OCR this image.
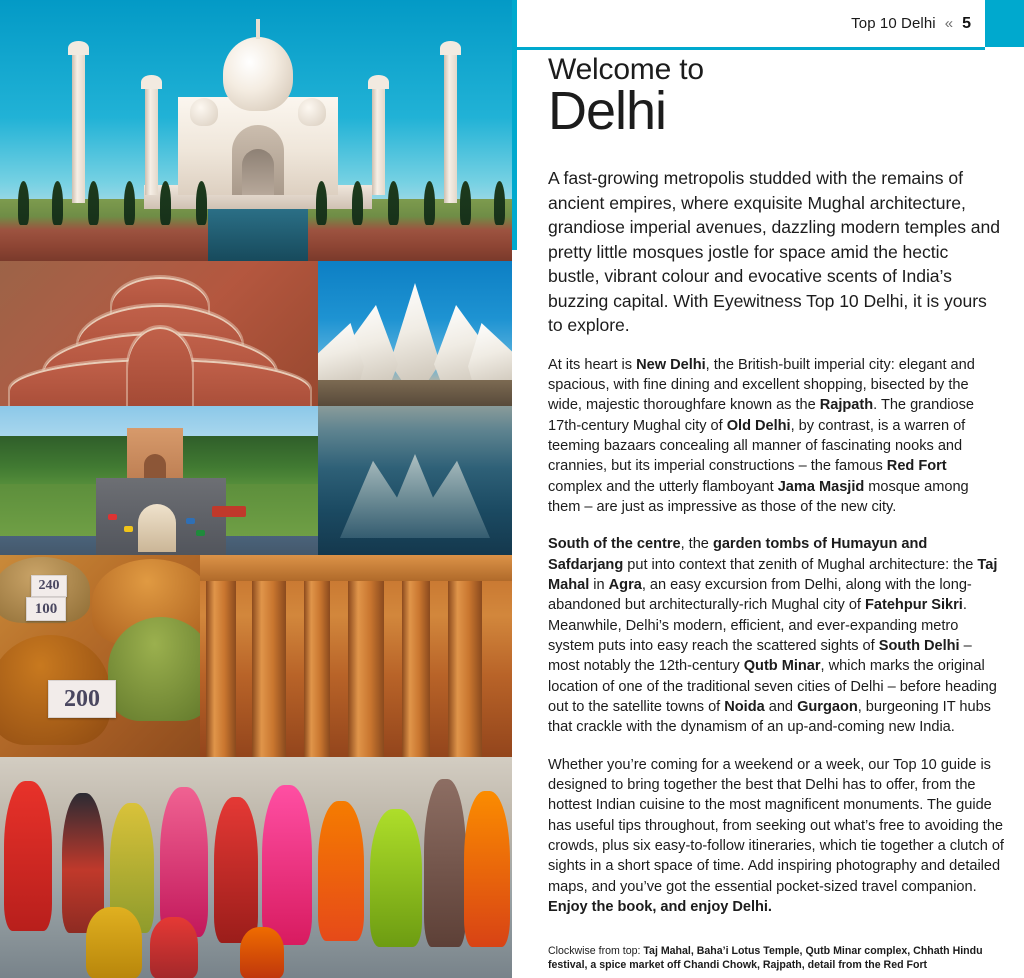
240
100
200
Top 10 Delhi « 5
Welcome to
Delhi

A fast-growing metropolis studded with the remains of ancient empires, where exquisite Mughal architecture, grandiose imperial avenues, dazzling modern temples and pretty little mosques jostle for space amid the hectic bustle, vibrant colour and evocative scents of India’s buzzing capital. With Eyewitness Top 10 Delhi, it is yours to explore.

At its heart is New Delhi, the British-built imperial city: elegant and spacious, with fine dining and excellent shopping, bisected by the wide, majestic thoroughfare known as the Rajpath. The grandiose 17th-century Mughal city of Old Delhi, by contrast, is a warren of teeming bazaars concealing all manner of fascinating nooks and crannies, but its imperial constructions – the famous Red Fort complex and the utterly flamboyant Jama Masjid mosque among them – are just as impressive as those of the new city.

South of the centre, the garden tombs of Humayun and Safdarjang put into context that zenith of Mughal architecture: the Taj Mahal in Agra, an easy excursion from Delhi, along with the long-abandoned but architecturally-rich Mughal city of Fatehpur Sikri. Meanwhile, Delhi’s modern, efficient, and ever-expanding metro system puts into easy reach the scattered sights of South Delhi – most notably the 12th-century Qutb Minar, which marks the original location of one of the traditional seven cities of Delhi – before heading out to the satellite towns of Noida and Gurgaon, burgeoning IT hubs that crackle with the dynamism of an up-and-coming new India.

Whether you’re coming for a weekend or a week, our Top 10 guide is designed to bring together the best that Delhi has to offer, from the hottest Indian cuisine to the most magnificent monuments. The guide has useful tips throughout, from seeking out what’s free to avoiding the crowds, plus six easy-to-follow itineraries, which tie together a clutch of sights in a short space of time. Add inspiring photography and detailed maps, and you’ve got the essential pocket-sized travel companion. Enjoy the book, and enjoy Delhi.

Clockwise from top: Taj Mahal, Baha’i Lotus Temple, Qutb Minar complex, Chhath Hindu festival, a spice market off Chandi Chowk, Rajpath, detail from the Red Fort
